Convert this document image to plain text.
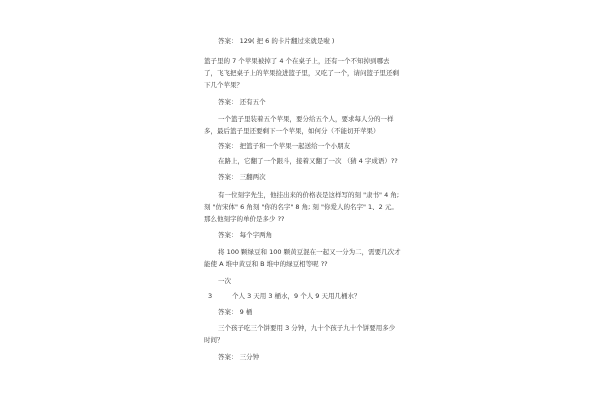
答案： 129( 把 6 的卡片翻过来就是啦 )
篮子里的 7 个苹果被掉了 4 个在桌子上，还有一个不知掉到哪去
了，飞飞把桌子上的苹果捡进篮子里，又吃了一个，请问篮子里还剩
下几个苹果？
答案： 还有五个
一个篮子里装着五个苹果，要分给五个人，要求每人分的一样
多，最后篮子里还要剩下一个苹果，如何分（不能切开苹果）
答案： 把篮子和一个苹果一起送给一个小朋友
在路上，它翻了一个跟斗，接着又翻了一次 （猜 4 字成语）??
答案： 三翻两次
有一位刻字先生，他挂出来的价格表是这样写的刻 "隶书" 4 角;
刻 "仿宋体" 6 角刻 "你的名字" 8 角; 刻 "你爱人的名字" 1、2 元。
那么他刻字的单价是多少 ??
答案： 每个字两角
将 100 颗绿豆和 100 颗黄豆混在一起又一分为二，需要几次才
能使 A 堆中黄豆和 B 堆中的绿豆相等呢 ??
一次
3	个人 3 天用 3 桶水，9 个人 9 天用几桶水？
答案： 9 桶
三个孩子吃三个饼要用 3 分钟，九十个孩子九十个饼要用多少
时间？
答案： 三分钟
